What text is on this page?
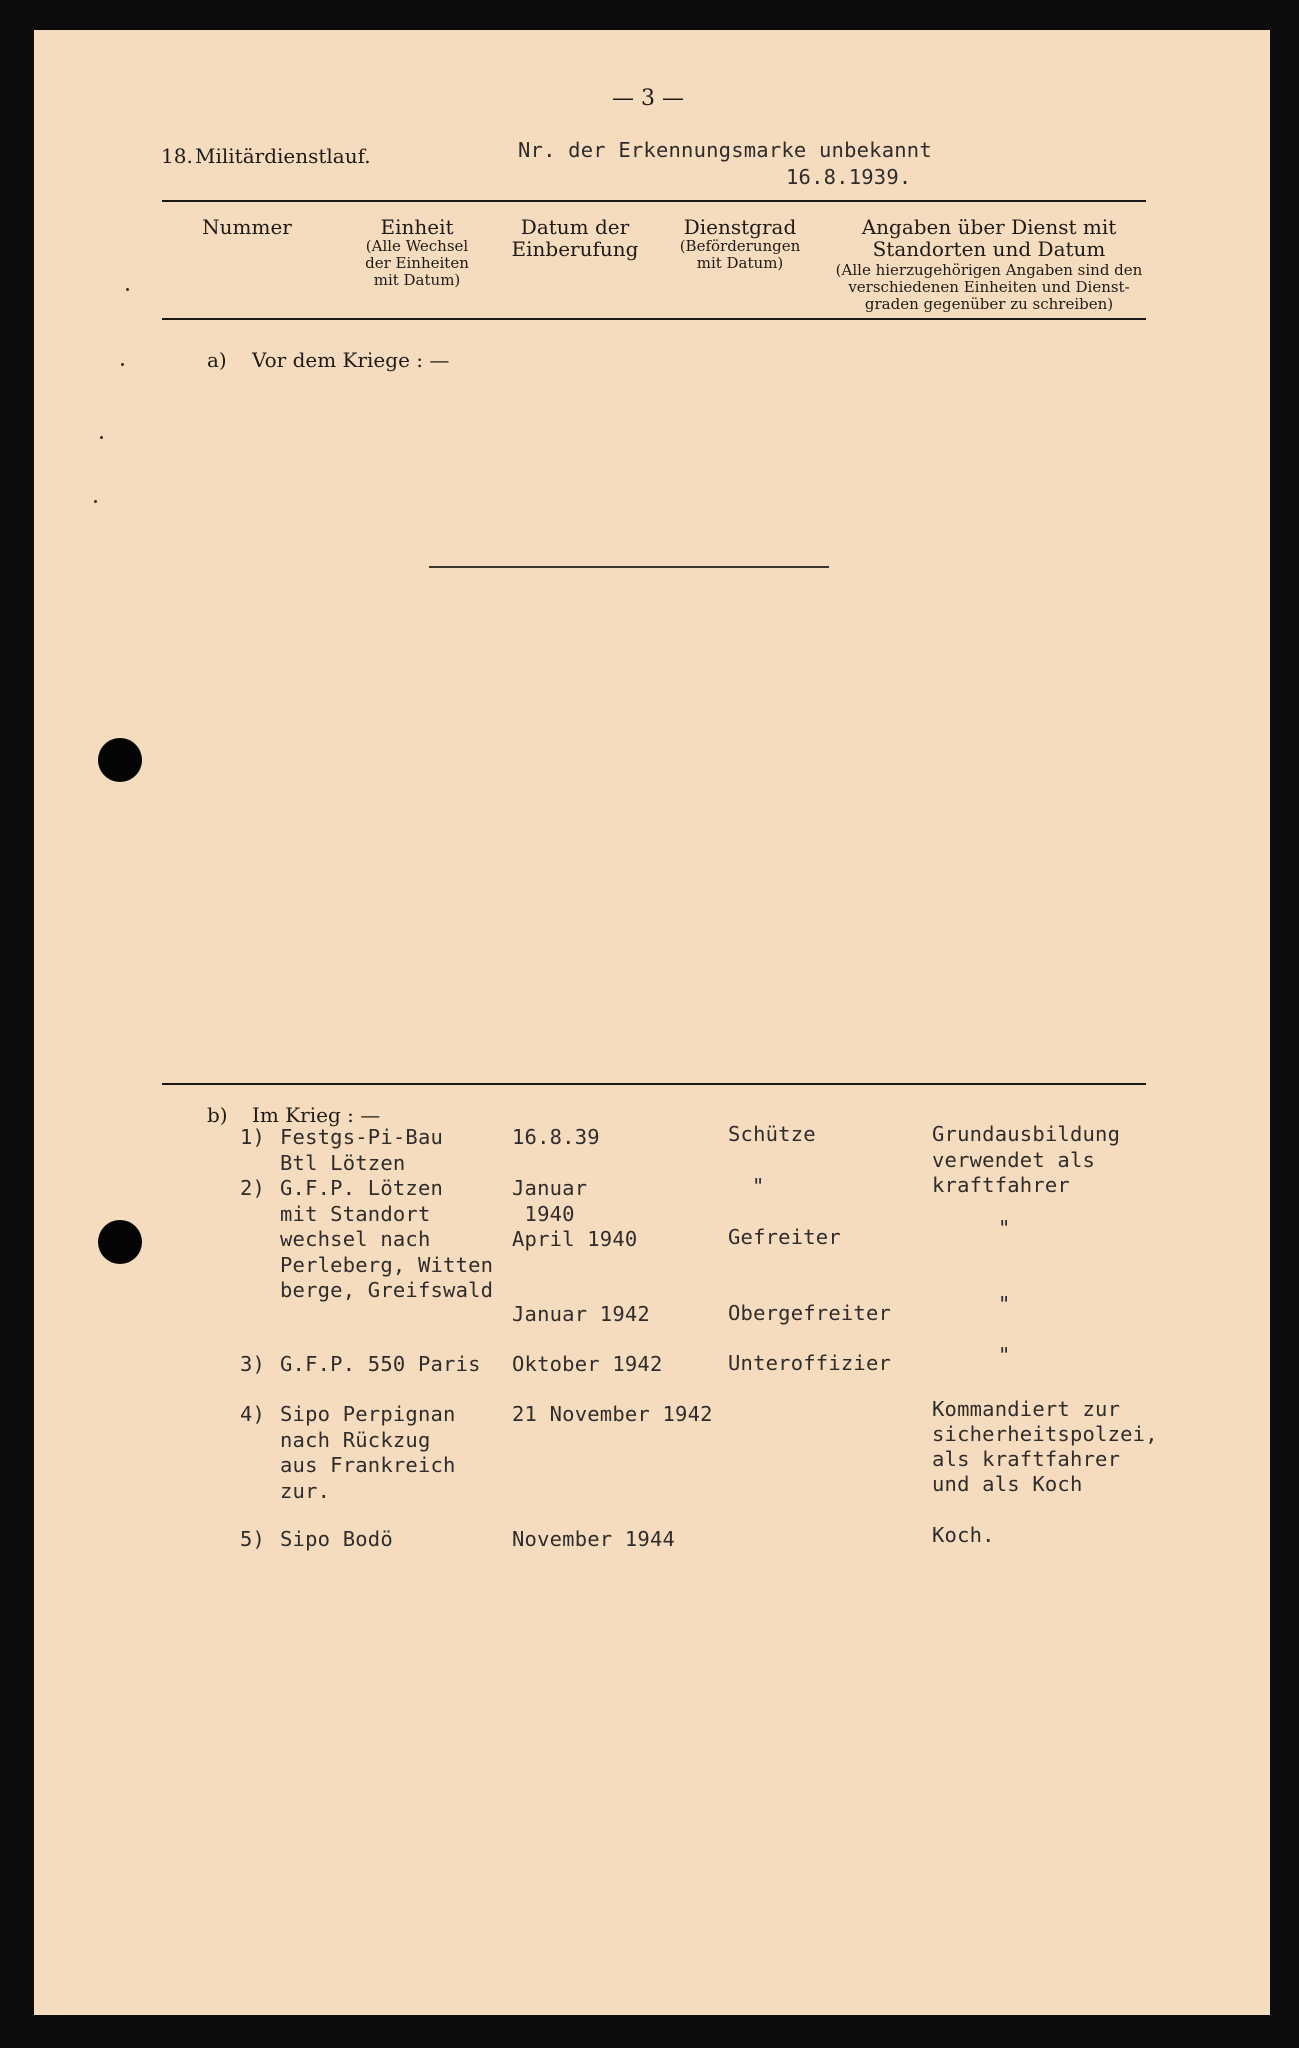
— 3 —
18. Militärdienstlauf.	Nr. der Erkennungsmarke unbekannt
16.8.1939.
Nummer	Einheit
(Alle Wechsel
der Einheiten
mit Datum)
Datum der
Einberufung
Dienstgrad
(Beförderungen
mit Datum)
Angaben über Dienst mit
Standorten und Datum
(Alle hierzugehörigen Angaben sind den
verschiedenen Einheiten und Dienst-
graden gegenüber zu schreiben)
a) Vor dem Kriege : —
b) Im Krieg : —
1)
2)
3)
4)
5)
Festgs-Pi-Bau
Btl Lötzen
G.F.P. Lötzen
mit Standort
wechsel nach
Perleberg, Witten
berge, Greifswald
G.F.P. 550 Paris
Sipo Perpignan
nach Rückzug
aus Frankreich
zur.
Sipo Bodö
16.8.39
Januar
1940
April 1940
Januar 1942
Oktober 1942
21 November 1942
November 1944
Schütze
"
Gefreiter
Obergefreiter
Unteroffizier
Grundausbildung
verwendet als
kraftfahrer
"
"
"
Kommandiert zur
sicherheitspolzei,
als kraftfahrer
und als Koch
Koch.
